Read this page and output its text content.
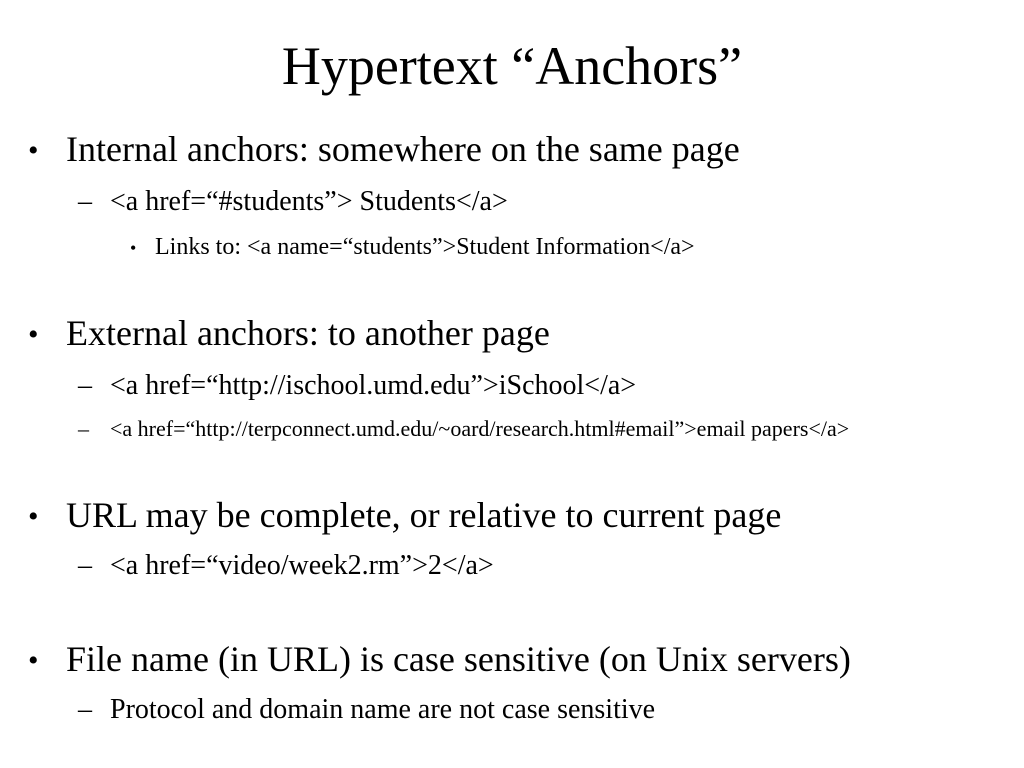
Hypertext “Anchors”
• Internal anchors: somewhere on the same page
– <a href=“#students”> Students</a>
• Links to: <a name=“students”>Student Information</a>
• External anchors: to another page
– <a href=“http://ischool.umd.edu”>iSchool</a>
– <a href=“http://terpconnect.umd.edu/~oard/research.html#email”>email papers</a>
• URL may be complete, or relative to current page
– <a href=“video/week2.rm”>2</a>
• File name (in URL) is case sensitive (on Unix servers)
– Protocol and domain name are not case sensitive
